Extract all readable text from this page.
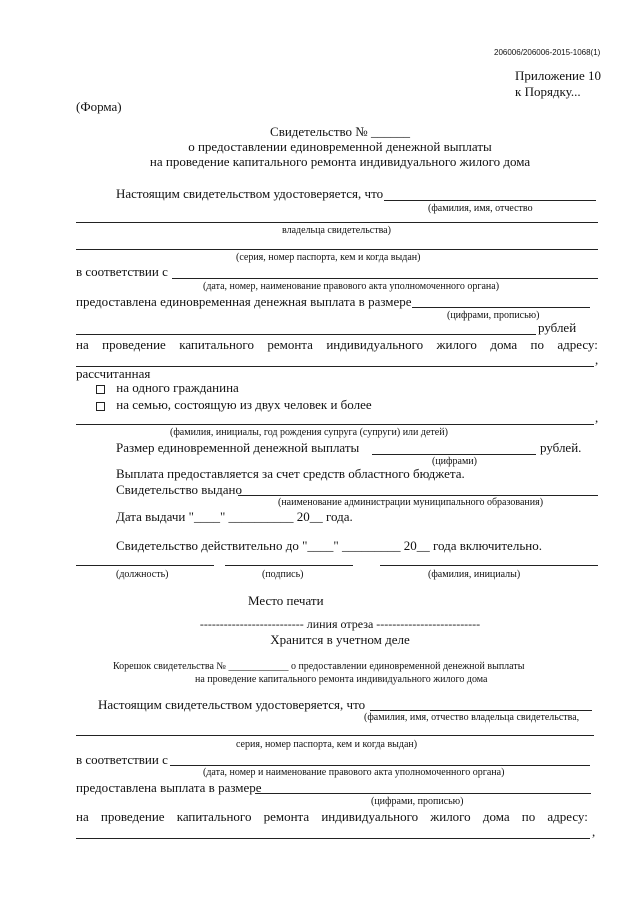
206006/206006-2015-1068(1)
Приложение 10
к Порядку...
(Форма)
Свидетельство № ______
о предоставлении единовременной денежной выплаты
на проведение капитального ремонта индивидуального жилого дома
Настоящим свидетельством удостоверяется, что
(фамилия, имя, отчество
владельца свидетельства)
(серия, номер паспорта, кем и когда выдан)
в соответствии с
(дата, номер, наименование правового акта уполномоченного органа)
предоставлена единовременная денежная выплата в размере
(цифрами, прописью)
рублей
на проведение капитального ремонта индивидуального жилого дома по адресу:
,
рассчитанная
на одного гражданина
на семью, состоящую из двух человек и более
,
(фамилия, инициалы, год рождения супруга (супруги) или детей)
Размер единовременной денежной выплаты	рублей.
(цифрами)
Выплата предоставляется за счет средств областного бюджета.
Свидетельство выдано
(наименование администрации муниципального образования)
Дата выдачи "____" __________ 20__ года.
Свидетельство действительно до "____" _________ 20__ года включительно.
(должность)	(подпись)	(фамилия, инициалы)
Место печати
-------------------------- линия отреза --------------------------
Хранится в учетном деле
Корешок свидетельства № ____________ о предоставлении единовременной денежной выплаты
на проведение капитального ремонта индивидуального жилого дома
Настоящим свидетельством удостоверяется, что
(фамилия, имя, отчество владельца свидетельства,
серия, номер паспорта, кем и когда выдан)
в соответствии с
(дата, номер и наименование правового акта уполномоченного органа)
предоставлена выплата в размере
(цифрами, прописью)
на проведение капитального ремонта индивидуального жилого дома по адресу:
,
